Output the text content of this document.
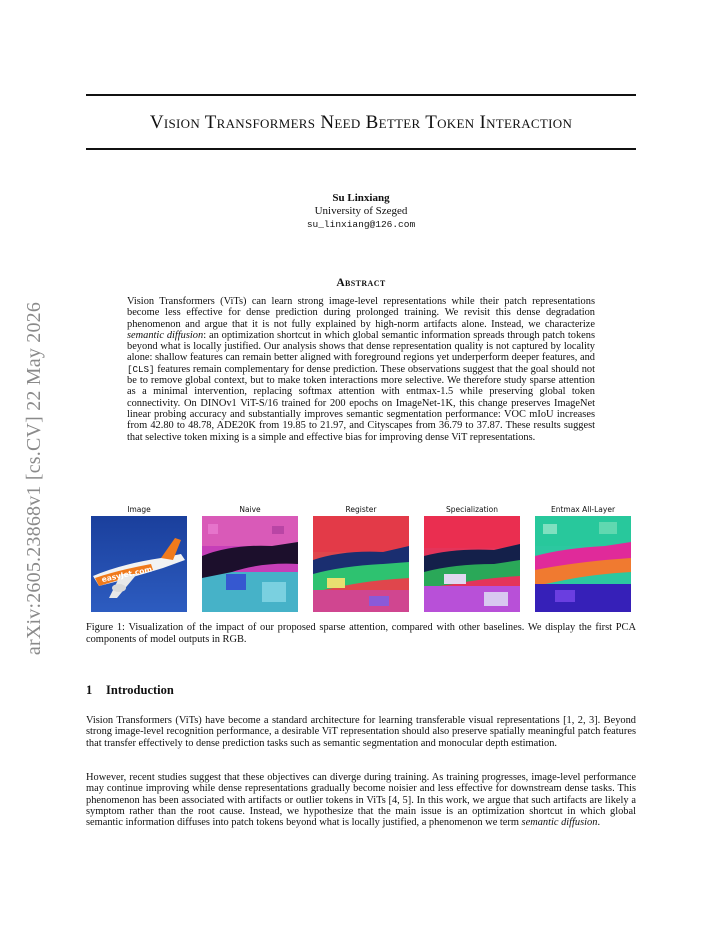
arXiv:2605.23868v1 [cs.CV] 22 May 2026
Vision Transformers Need Better Token Interaction
Su Linxiang
University of Szeged
su_linxiang@126.com
Abstract
Vision Transformers (ViTs) can learn strong image-level representations while their patch representations become less effective for dense prediction during prolonged training. We revisit this dense degradation phenomenon and argue that it is not fully explained by high-norm artifacts alone. Instead, we characterize semantic diffusion: an optimization shortcut in which global semantic information spreads through patch tokens beyond what is locally justified. Our analysis shows that dense representation quality is not captured by locality alone: shallow features can remain better aligned with foreground regions yet underperform deeper features, and [CLS] features remain complementary for dense prediction. These observations suggest that the goal should not be to remove global context, but to make token interactions more selective. We therefore study sparse attention as a minimal intervention, replacing softmax attention with entmax-1.5 while preserving global token connectivity. On DINOv1 ViT-S/16 trained for 200 epochs on ImageNet-1K, this change preserves ImageNet linear probing accuracy and substantially improves semantic segmentation performance: VOC mIoU increases from 42.80 to 48.78, ADE20K from 19.85 to 21.97, and Cityscapes from 36.79 to 37.87. These results suggest that selective token mixing is a simple and effective bias for improving dense ViT representations.
Image
easyJet.com
Naive	Register	Specialization	Entmax All-Layer
Figure 1: Visualization of the impact of our proposed sparse attention, compared with other baselines. We display the first PCA components of model outputs in RGB.
1 Introduction
Vision Transformers (ViTs) have become a standard architecture for learning transferable visual representations [1, 2, 3]. Beyond strong image-level recognition performance, a desirable ViT representation should also preserve spatially meaningful patch features that transfer effectively to dense prediction tasks such as semantic segmentation and monocular depth estimation.
However, recent studies suggest that these objectives can diverge during training. As training progresses, image-level performance may continue improving while dense representations gradually become noisier and less effective for downstream dense tasks. This phenomenon has been associated with artifacts or outlier tokens in ViTs [4, 5]. In this work, we argue that such artifacts are likely a symptom rather than the root cause. Instead, we hypothesize that the main issue is an optimization shortcut in which global semantic information diffuses into patch tokens beyond what is locally justified, a phenomenon we term semantic diffusion.
